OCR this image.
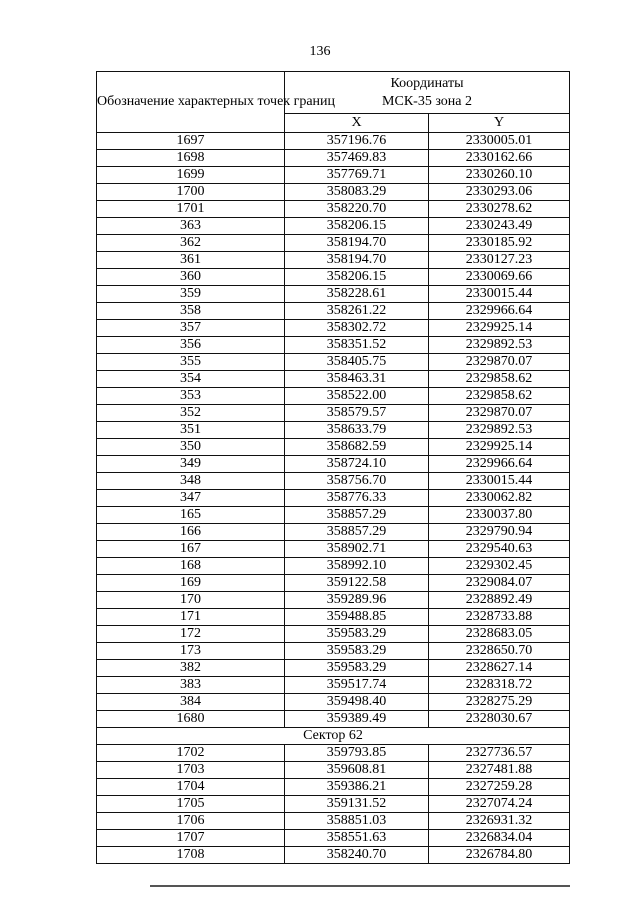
136
Обозначение характерных точек границ	Координаты
МСК-35 зона 2	

	X	Y
1697	357196.76	2330005.01
1698	357469.83	2330162.66
1699	357769.71	2330260.10
1700	358083.29	2330293.06
1701	358220.70	2330278.62
363	358206.15	2330243.49
362	358194.70	2330185.92
361	358194.70	2330127.23
360	358206.15	2330069.66
359	358228.61	2330015.44
358	358261.22	2329966.64
357	358302.72	2329925.14
356	358351.52	2329892.53
355	358405.75	2329870.07
354	358463.31	2329858.62
353	358522.00	2329858.62
352	358579.57	2329870.07
351	358633.79	2329892.53
350	358682.59	2329925.14
349	358724.10	2329966.64
348	358756.70	2330015.44
347	358776.33	2330062.82
165	358857.29	2330037.80
166	358857.29	2329790.94
167	358902.71	2329540.63
168	358992.10	2329302.45
169	359122.58	2329084.07
170	359289.96	2328892.49
171	359488.85	2328733.88
172	359583.29	2328683.05
173	359583.29	2328650.70
382	359583.29	2328627.14
383	359517.74	2328318.72
384	359498.40	2328275.29
1680	359389.49	2328030.67
Сектор 62		
1702	359793.85	2327736.57
1703	359608.81	2327481.88
1704	359386.21	2327259.28
1705	359131.52	2327074.24
1706	358851.03	2326931.32
1707	358551.63	2326834.04
1708	358240.70	2326784.80
